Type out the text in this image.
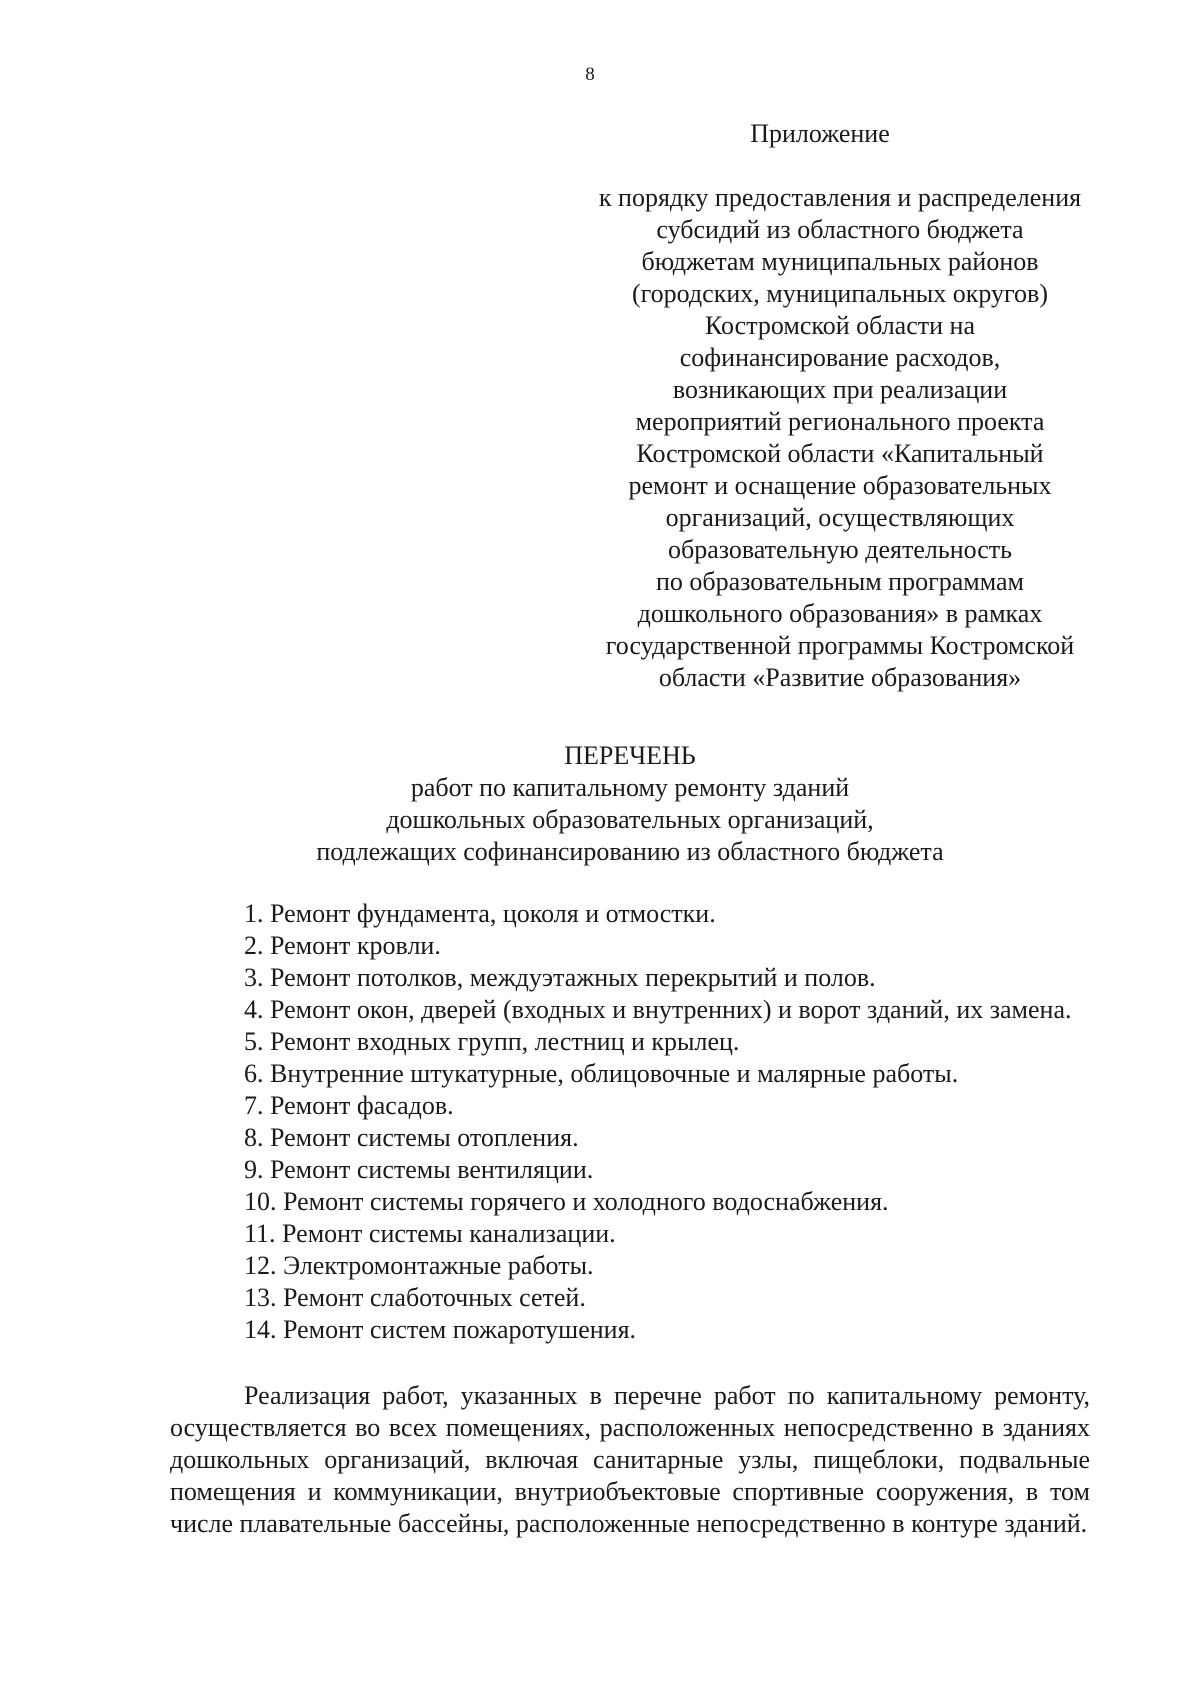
8
Приложение
к порядку предоставления и распределения
субсидий из областного бюджета
бюджетам муниципальных районов
(городских, муниципальных округов)
Костромской области на
софинансирование расходов,
возникающих при реализации
мероприятий регионального проекта
Костромской области «Капитальный
ремонт и оснащение образовательных
организаций, осуществляющих
образовательную деятельность
по образовательным программам
дошкольного образования» в рамках
государственной программы Костромской
области «Развитие образования»
ПЕРЕЧЕНЬ
работ по капитальному ремонту зданий
дошкольных образовательных организаций,
подлежащих софинансированию из областного бюджета
1. Ремонт фундамента, цоколя и отмостки.
2. Ремонт кровли.
3. Ремонт потолков, междуэтажных перекрытий и полов.
4. Ремонт окон, дверей (входных и внутренних) и ворот зданий, их замена.
5. Ремонт входных групп, лестниц и крылец.
6. Внутренние штукатурные, облицовочные и малярные работы.
7. Ремонт фасадов.
8. Ремонт системы отопления.
9. Ремонт системы вентиляции.
10. Ремонт системы горячего и холодного водоснабжения.
11. Ремонт системы канализации.
12. Электромонтажные работы.
13. Ремонт слаботочных сетей.
14. Ремонт систем пожаротушения.
Реализация работ, указанных в перечне работ по капитальному ремонту, осуществляется во всех помещениях, расположенных непосредственно в зданиях дошкольных организаций, включая санитарные узлы, пищеблоки, подвальные помещения и коммуникации, внутриобъектовые спортивные сооружения, в том числе плавательные бассейны, расположенные непосредственно в контуре зданий.
